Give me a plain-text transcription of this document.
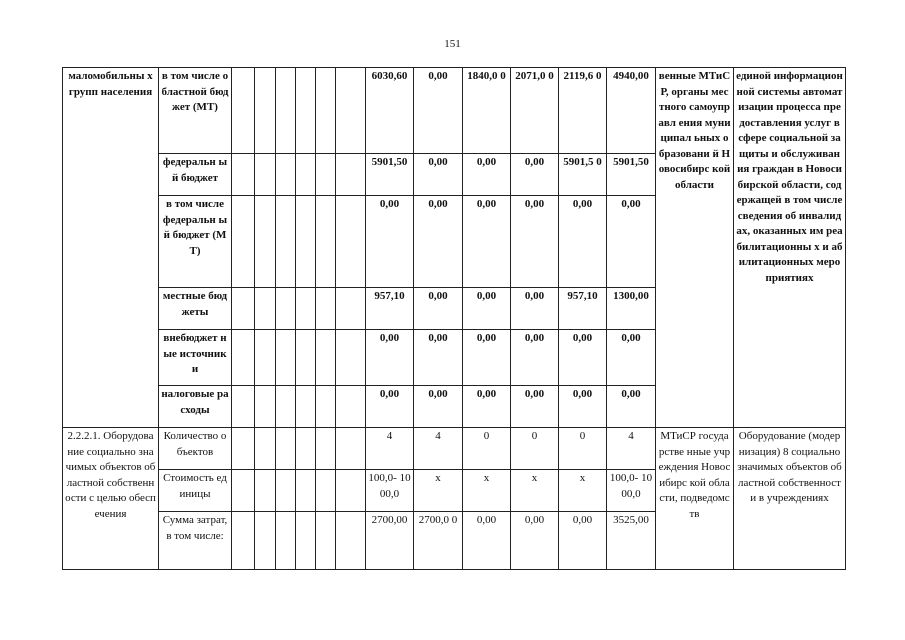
151
маломобильны х групп населения	в том числе областной бюджет (МТ)							6030,60	0,00	1840,0 0	2071,0 0	2119,6 0	4940,00	венные МТиСР, органы местного самоуправл ения муниципал ьных образовани й Новосибирс кой области	единой информационной системы автоматизации процесса предоставления услуг в сфере социальной защиты и обслуживания граждан в Новосибирской области, содержащей в том числе сведения об инвалидах, оказанных им реабилитационны х и абилитационных мероприятиях
	федеральн ый бюджет							5901,50	0,00	0,00	0,00	5901,5 0	5901,50		
	в том числе федеральн ый бюджет (МТ)							0,00	0,00	0,00	0,00	0,00	0,00		
	местные бюджеты							957,10	0,00	0,00	0,00	957,10	1300,00		
	внебюджет ные источники							0,00	0,00	0,00	0,00	0,00	0,00		
	налоговые расходы							0,00	0,00	0,00	0,00	0,00	0,00		
2.2.2.1. Оборудование социально значимых объектов областной собственности с целью обеспечения	Количество объектов							4	4	0	0	0	4	МТиСР государстве нные учреждения Новосибирс кой области, подведомств	Оборудование (модернизация) 8 социально значимых объектов областной собственности в учреждениях
	Стоимость единицы							100,0- 1000,0	x	x	x	x	100,0- 1000,0		
	Сумма затрат, в том числе:							2700,00	2700,0 0	0,00	0,00	0,00	3525,00		
